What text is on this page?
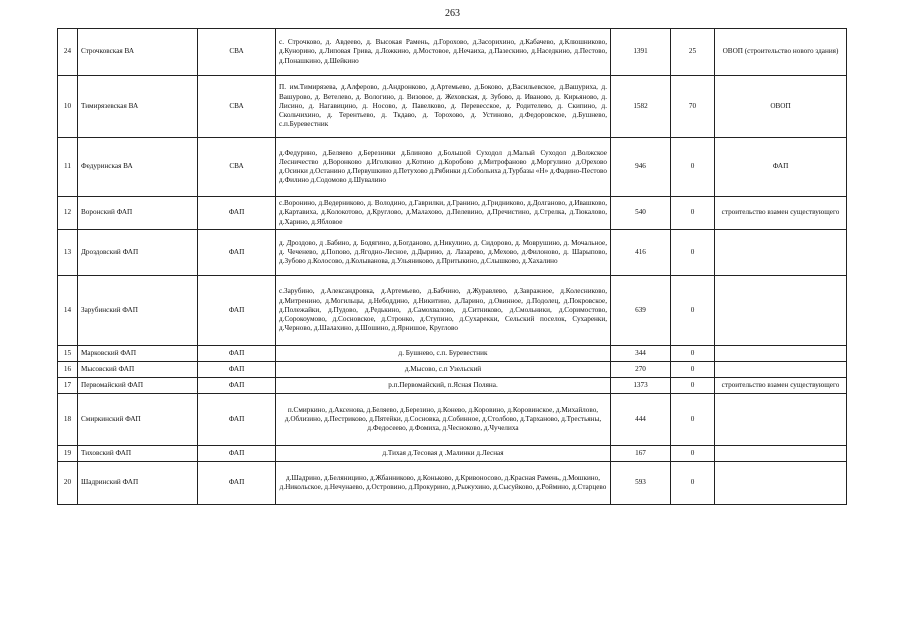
263
24	Строчковская ВА	СВА	с. Строчково, д. Авдеево, д. Высокая Рамень, д.Горохово, д.Засорихино, д.Кабачево, д.Клюшниково, д.Кунорино, д.Липовая Грива, д.Ложкино, д.Мостовое, д.Нечаиха, д.Пазескино, д.Наседкино, д.Пестово, д.Понашкино, д.Шейкино	1391	25	ОВОП (строительство нового здания)
10	Тимирязевская ВА	СВА	П. им.Тимирязева, д.Алферово, д.Андронково, д.Артемьево, д.Боково, д.Васильевское, д.Вашуриха, д. Вашурово, д. Ветелево, д. Вологино, д. Визовое, д. Жеховская, д. Зубово, д. Иваново, д. Кирьяново, д. Лисино, д. Нагавицино, д. Носово, д. Павелково, д. Перевесское, д. Родителево, д. Скипино, д. Скольчихино, д. Терентьево, д. Ткдаво, д. Торохово, д. Устиново, д.Федоровское, д.Бушнево, с.п.Буревестник	1582	70	ОВОП
11	Федуринская ВА	СВА	д.Федурино, д.Беляево д.Березники д.Блиново д.Большой Суходол д.Малый Суходол д.Волжское Лесничество д.Воронково д.Иголкино д.Котино д.Коробово д.Митрофаново д.Моргулино д.Орехово д.Осинки д.Останино д.Первушкино д.Петухово д.Рябинки д.Собольиха д.Турбазы «Н» д.Фадино-Пестово д.Филино д.Содомово д.Шувалино	946	0	ФАП
12	Воронский ФАП	ФАП	с.Воронино, д.Ведерниково, д. Володино, д.Гаврилки, д.Гранино, д.Гридниково, д.Долганово, д.Ивашково, д.Картавиха, д.Колокотово, д.Круглово, д.Малахово, д.Пелевино, д.Пречистино, д.Стрелка, д.Тюкалово, д.Харино, д.Ябловое	540	0	строительство взамен существующего
13	Дроздовский ФАП	ФАП	д. Дроздово, д .Бабино, д. Бодягино, д.Богданово, д.Никулино, д. Сидорово, д. Моврушино, д. Мочальное, д. Чеченево, д.Попово, д.Ягодно-Лесное, д.Дырино, д. Лазарево, д.Мехово, д.Филоново, д. Шарыпово, д.Зубово д.Колосово, д.Колыванова, д.Ульяниково, д.Притыкино, д.Слышково, д.Хахалино	416	0	
14	Зарубинский ФАП	ФАП	с.Зарубино, д.Александровка, д.Артемьево, д.Бабчино, д.Журавлево, д.Завражное, д.Колесниково, д.Митренино, д.Могильцы, д.Небоддино, д.Никитино, д.Ларино, д.Овинное, д.Подолец, д.Покровское, д.Полежайки, д.Пудово, д.Редькино, д.Самохвалово, д.Ситниково, д.Смольники, д.Соримостово, д.Сорокоумово, д.Сосновское, д.Стронко, д.Ступино, д.Сухарекки, Сельский поселок, Сухаренки, д.Черново, д.Шалахино, д.Шошино, д.Ярнишое, Круглово	639	0	
15	Марковский ФАП	ФАП	д. Бушнево, с.п. Буревестник	344	0	
16	Мысовский ФАП	ФАП	д.Мысово, с.п Узельский	270	0	
17	Первомайский ФАП	ФАП	р.п.Первомайский, п.Ясная Поляна.	1373	0	строительство взамен существующего
18	Смиркинский ФАП	ФАП	п.Смиркино, д.Аксенова, д.Беляево, д.Березино, д.Конево, д.Коровино, д.Коровинское, д.Михайлово, д.Облизино, д.Пестриково, д.Пятейки, д.Сосновка, д.Собинное, д.Столбово, д.Тарханово, д.Трестьяны, д.Федосеево, д.Фомиха, д.Чесноково, д.Чучелиха	444	0	
19	Тиховский ФАП	ФАП	д.Тихая д.Тесовая д .Малинки д.Лесная	167	0	
20	Шадринский ФАП	ФАП	д.Шадрино, д.Беляницино, д.Жбанниково, д.Коньково, д.Кривоносово, д.Красная Рамень, д.Мошкино, д.Никольское, д.Нечунаево, д.Островино, д.Прокурино, д.Рыжухино, д.Сысуйково, д.Роймино, д.Старцево	593	0	
